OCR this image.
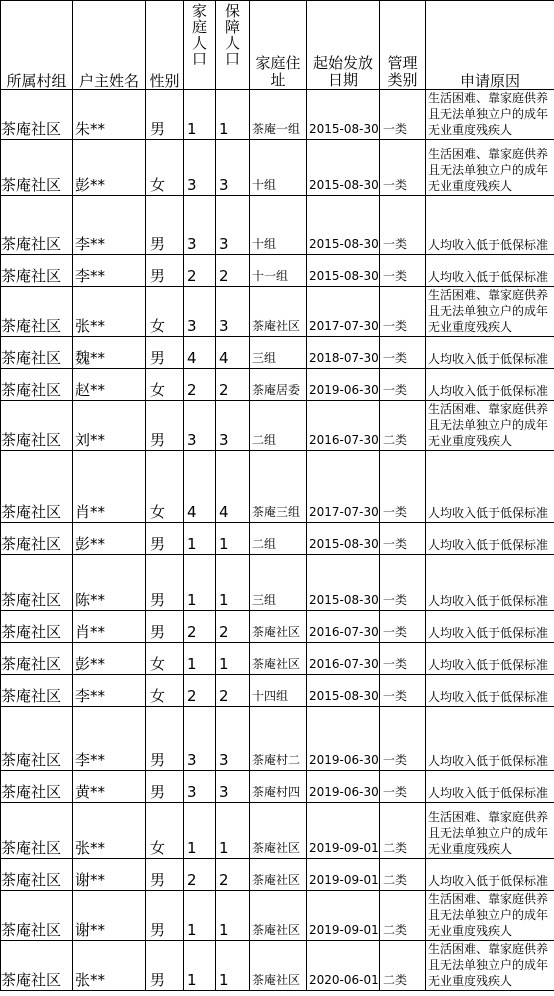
所属村组	户主姓名	性别	家庭人口	保障人口	家庭住址	起始发放日期	管理类别	申请原因
茶庵社区	朱**	男	1	1	茶庵一组	2015-08-30	一类	生活困难、靠家庭供养且无法单独立户的成年无业重度残疾人
茶庵社区	彭**	女	3	3	十组	2015-08-30	一类	生活困难、靠家庭供养且无法单独立户的成年无业重度残疾人
茶庵社区	李**	男	3	3	十组	2015-08-30	一类	人均收入低于低保标准
茶庵社区	李**	男	2	2	十一组	2015-08-30	一类	人均收入低于低保标准
茶庵社区	张**	女	3	3	茶庵社区	2017-07-30	一类	生活困难、靠家庭供养且无法单独立户的成年无业重度残疾人
茶庵社区	魏**	男	4	4	三组	2018-07-30	一类	人均收入低于低保标准
茶庵社区	赵**	女	2	2	茶庵居委	2019-06-30	一类	人均收入低于低保标准
茶庵社区	刘**	男	3	3	二组	2016-07-30	二类	生活困难、靠家庭供养且无法单独立户的成年无业重度残疾人
茶庵社区	肖**	女	4	4	茶庵三组	2017-07-30	一类	人均收入低于低保标准
茶庵社区	彭**	男	1	1	二组	2015-08-30	一类	人均收入低于低保标准
茶庵社区	陈**	男	1	1	三组	2015-08-30	一类	人均收入低于低保标准
茶庵社区	肖**	男	2	2	茶庵社区	2016-07-30	一类	人均收入低于低保标准
茶庵社区	彭**	女	1	1	茶庵社区	2016-07-30	一类	人均收入低于低保标准
茶庵社区	李**	女	2	2	十四组	2015-08-30	一类	人均收入低于低保标准
茶庵社区	李**	男	3	3	茶庵村二	2019-06-30	一类	人均收入低于低保标准
茶庵社区	黄**	男	3	3	茶庵村四	2019-06-30	一类	人均收入低于低保标准
茶庵社区	张**	女	1	1	茶庵社区	2019-09-01	二类	生活困难、靠家庭供养且无法单独立户的成年无业重度残疾人
茶庵社区	谢**	男	2	2	茶庵社区	2019-09-01	二类	人均收入低于低保标准
茶庵社区	谢**	男	1	1	茶庵社区	2019-09-01	二类	生活困难、靠家庭供养且无法单独立户的成年无业重度残疾人
茶庵社区	张**	男	1	1	茶庵社区	2020-06-01	二类	生活困难、靠家庭供养且无法单独立户的成年无业重度残疾人
